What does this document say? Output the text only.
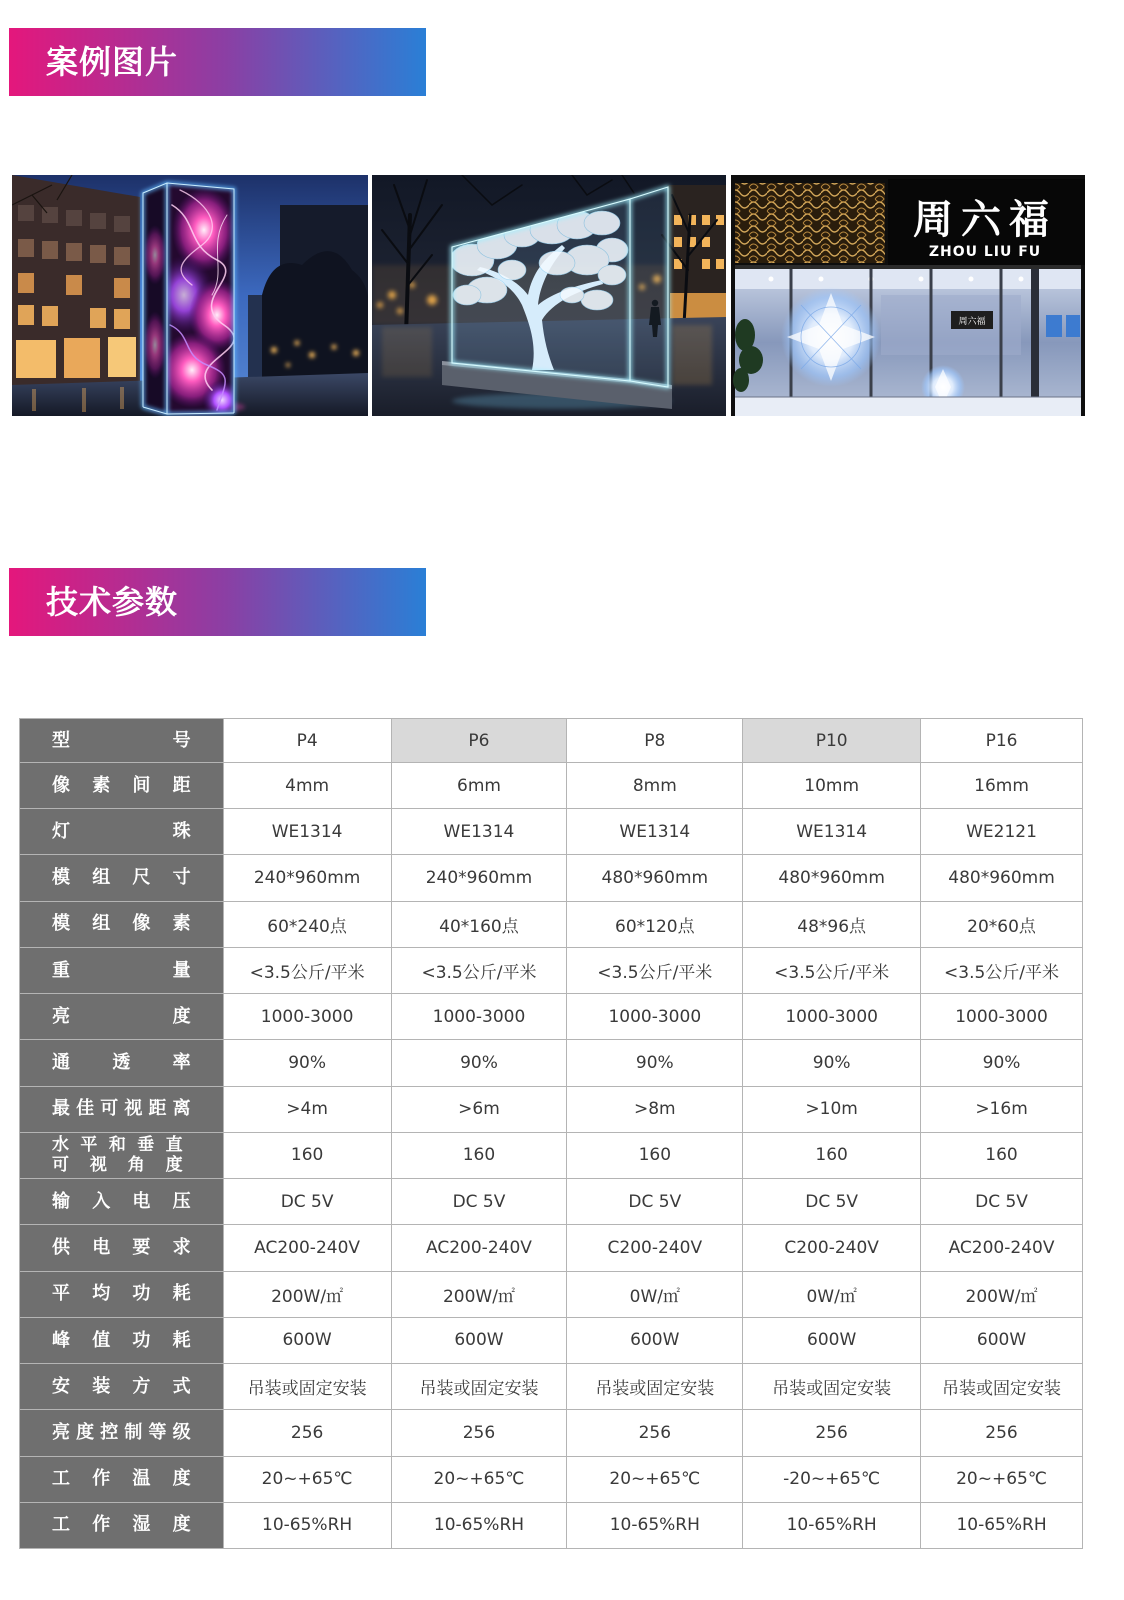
案例图片
周六福
ZHOU LIU FU
周六福
技术参数
型号	P4	P6	P8	P10	P16
像素间距	4mm	6mm	8mm	10mm	16mm
灯珠	WE1314	WE1314	WE1314	WE1314	WE2121
模组尺寸	240*960mm	240*960mm	480*960mm	480*960mm	480*960mm
模组像素	60*240点	40*160点	60*120点	48*96点	20*60点
重量	<3.5公斤/平米	<3.5公斤/平米	<3.5公斤/平米	<3.5公斤/平米	<3.5公斤/平米
亮度	1000-3000	1000-3000	1000-3000	1000-3000	1000-3000
通透率	90%	90%	90%	90%	90%
最佳可视距离	>4m	>6m	>8m	>10m	>16m
水平和垂直可视角度	160	160	160	160	160
输入电压	DC 5V	DC 5V	DC 5V	DC 5V	DC 5V
供电要求	AC200-240V	AC200-240V	C200-240V	C200-240V	AC200-240V
平均功耗	200W/㎡	200W/㎡	0W/㎡	0W/㎡	200W/㎡
峰值功耗	600W	600W	600W	600W	600W
安装方式	吊装或固定安装	吊装或固定安装	吊装或固定安装	吊装或固定安装	吊装或固定安装
亮度控制等级	256	256	256	256	256
工作温度	20~+65℃	20~+65℃	20~+65℃	-20~+65℃	20~+65℃
工作湿度	10-65%RH	10-65%RH	10-65%RH	10-65%RH	10-65%RH
